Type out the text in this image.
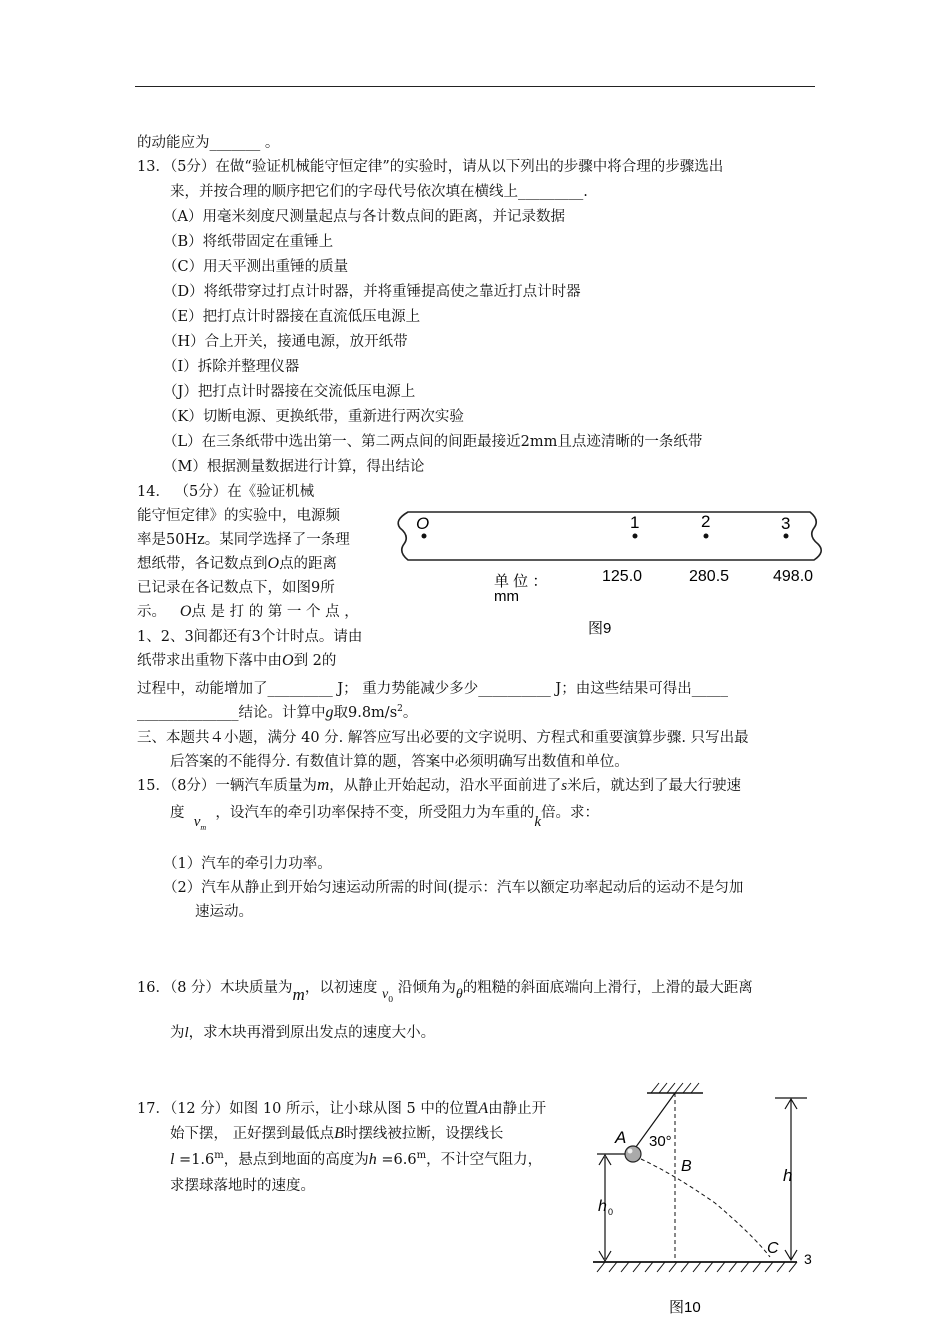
的动能应为_______ 。
13．（5分）在做“验证机械能守恒定律”的实验时，请从以下列出的步骤中将合理的步骤选出
来，并按合理的顺序把它们的字母代号依次填在横线上_________.
（A）用毫米刻度尺测量起点与各计数点间的距离，并记录数据
（B）将纸带固定在重锤上
（C）用天平测出重锤的质量
（D）将纸带穿过打点计时器，并将重锤提高使之靠近打点计时器
（E）把打点计时器接在直流低压电源上
（H）合上开关，接通电源，放开纸带
（I）拆除并整理仪器
（J）把打点计时器接在交流低压电源上
（K）切断电源、更换纸带，重新进行两次实验
（L）在三条纸带中选出第一、第二两点间的间距最接近2mm且点迹清晰的一条纸带
（M）根据测量数据进行计算，得出结论
14． （5分）在《验证机械
能守恒定律》的实验中，电源频
率是50Hz。某同学选择了一条理
想纸带，各记数点到O点的距离
已记录在各记数点下，如图9所
示。 O点 是 打 的 第 一 个 点 ，
1、2、3间都还有3个计时点。请由
纸带求出重物下落中由O到 2的
过程中，动能增加了_________ J； 重力势能减少多少__________ J；由这些结果可得出_____
______________结论。计算中g取$9.8m/s^2$。
O	1	2	3
单 位 ：
mm
125.0	280.5	498.0
图9
三、本题共４小题，满分 40 分. 解答应写出必要的文字说明、方程式和重要演算步骤. 只写出最
后答案的不能得分. 有数值计算的题，答案中必须明确写出数值和单位。
15．（8分）一辆汽车质量为m，从静止开始起动，沿水平面前进了s米后，就达到了最大行驶速
度  $v_m$  ，设汽车的牵引功率保持不变，所受阻力为车重的k倍。求：
（1）汽车的牵引力功率。
（2）汽车从静止到开始匀速运动所需的时间(提示：汽车以额定功率起动后的运动不是匀加
速运动。
16．（8 分）木块质量为m，以初速度 $v_0$ 沿倾角为θ的粗糙的斜面底端向上滑行，上滑的最大距离
为l，求木块再滑到原出发点的速度大小。
17．（12 分）如图 10 所示，让小球从图 5 中的位置A由静止开
始下摆， 正好摆到最低点B时摆线被拉断，设摆线长
$l =1.6^m$，悬点到地面的高度为$h =6.6^m$，不计空气阻力，
求摆球落地时的速度。
A 30°
B
h 0
h
C
3
图10
